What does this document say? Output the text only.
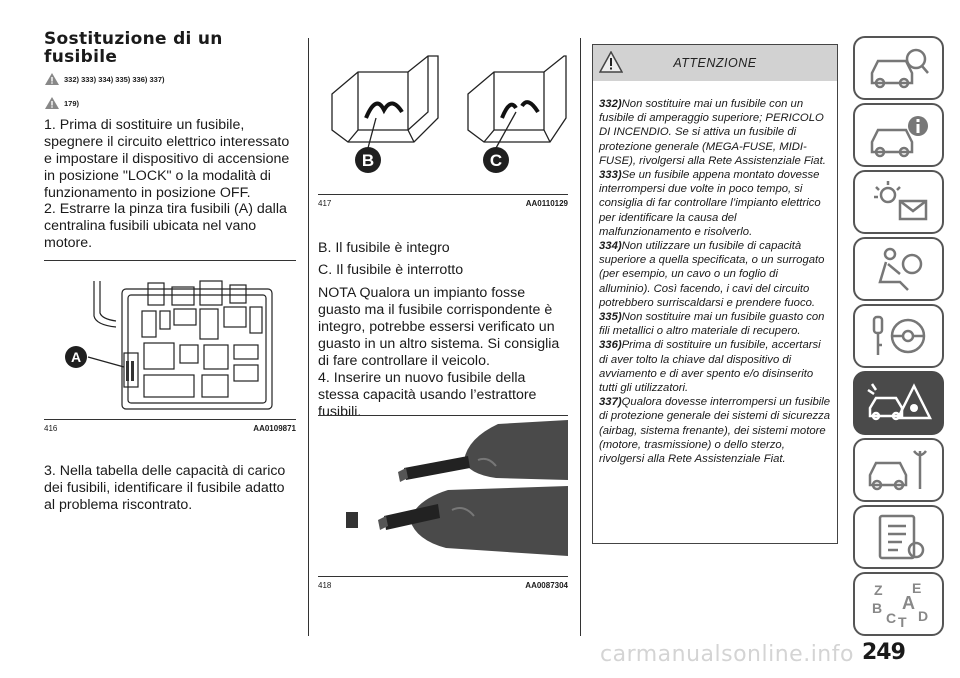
Sostituzione di un
fusibile
332) 333) 334) 335) 336) 337)
179)
1. Prima di sostituire un fusibile, spegnere il circuito elettrico interessato e impostare il dispositivo di accensione in posizione "LOCK" o la modalità di funzionamento in posizione OFF.
2. Estrarre la pinza tira fusibili (A) dalla centralina fusibili ubicata nel vano motore.
A
416	AA0109871
3. Nella tabella delle capacità di carico dei fusibili, identificare il fusibile adatto al problema riscontrato.
B	C
417	AA0110129
B. Il fusibile è integro
C. Il fusibile è interrotto
NOTA Qualora un impianto fosse guasto ma il fusibile corrispondente è integro, potrebbe essersi verificato un guasto in un altro sistema. Si consiglia di fare controllare il veicolo.
4. Inserire un nuovo fusibile della stessa capacità usando l’estrattore fusibili.
418	AA0087304
ATTENZIONE
332)Non sostituire mai un fusibile con un fusibile di amperaggio superiore; PERICOLO DI INCENDIO. Se si attiva un fusibile di protezione generale (MEGA-FUSE, MIDI-FUSE), rivolgersi alla Rete Assistenziale Fiat.
333)Se un fusibile appena montato dovesse interrompersi due volte in poco tempo, si consiglia di far controllare l’impianto elettrico per identificare la causa del malfunzionamento e risolverlo.
334)Non utilizzare un fusibile di capacità superiore a quella specificata, o un surrogato (per esempio, un cavo o un foglio di alluminio). Così facendo, i cavi del circuito potrebbero surriscaldarsi e prendere fuoco.
335)Non sostituire mai un fusibile guasto con fili metallici o altro materiale di recupero.
336)Prima di sostituire un fusibile, accertarsi di aver tolto la chiave dal dispositivo di avviamento e di aver spento e/o disinserito tutti gli utilizzatori.
337)Qualora dovesse interrompersi un fusibile di protezione generale dei sistemi di sicurezza (airbag, sistema frenante), dei sistemi motore (motore, trasmissione) o dello sterzo, rivolgersi alla Rete Assistenziale Fiat.
Z E
B A
C T D
carmanualsonline.info 249
